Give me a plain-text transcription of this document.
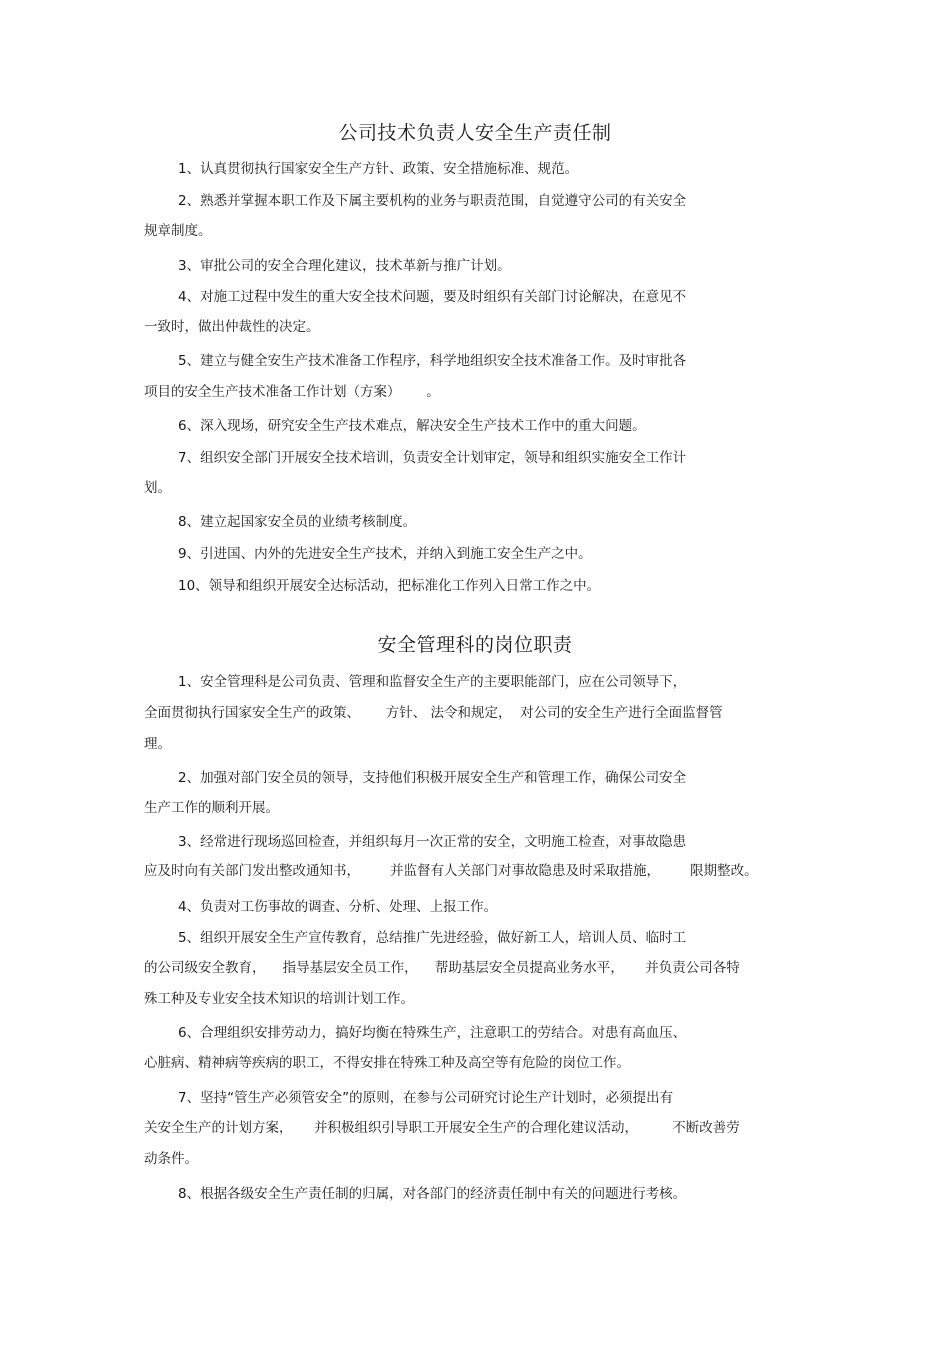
公司技术负责人安全生产责任制

1、认真贯彻执行国家安全生产方针、政策、安全措施标准、规范。

2、熟悉并掌握本职工作及下属主要机构的业务与职责范围，自觉遵守公司的有关安全

规章制度。

3、审批公司的安全合理化建议，技术革新与推广计划。

4、对施工过程中发生的重大安全技术问题，要及时组织有关部门讨论解决，在意见不

一致时，做出仲裁性的决定。

5、建立与健全安生产技术准备工作程序，科学地组织安全技术准备工作。及时审批各

项目的安全生产技术准备工作计划（方案）      。

6、深入现场，研究安全生产技术难点，解决安全生产技术工作中的重大问题。

7、组织安全部门开展安全技术培训，负责安全计划审定，领导和组织实施安全工作计

划。

8、建立起国家安全员的业绩考核制度。

9、引进国、内外的先进安全生产技术，并纳入到施工安全生产之中。

10、领导和组织开展安全达标活动，把标准化工作列入日常工作之中。

安全管理科的岗位职责

1、安全管理科是公司负责、管理和监督安全生产的主要职能部门，应在公司领导下，

全面贯彻执行国家安全生产的政策、      方针、 法令和规定，  对公司的安全生产进行全面监督管

理。

2、加强对部门安全员的领导，支持他们积极开展安全生产和管理工作，确保公司安全

生产工作的顺利开展。

3、经常进行现场巡回检查，并组织每月一次正常的安全，文明施工检查，对事故隐患

应及时向有关部门发出整改通知书，       并监督有人关部门对事故隐患及时采取措施，       限期整改。

4、负责对工伤事故的调查、分析、处理、上报工作。

5、组织开展安全生产宣传教育，总结推广先进经验，做好新工人，培训人员、临时工

的公司级安全教育，    指导基层安全员工作，    帮助基层安全员提高业务水平，     并负责公司各特

殊工种及专业安全技术知识的培训计划工作。

6、合理组织安排劳动力，搞好均衡在特殊生产，注意职工的劳结合。对患有高血压、

心脏病、精神病等疾病的职工，不得安排在特殊工种及高空等有危险的岗位工作。

7、坚持“管生产必须管安全”的原则，在参与公司研究讨论生产计划时，必须提出有

关安全生产的计划方案，     并积极组织引导职工开展安全生产的合理化建议活动，        不断改善劳

动条件。

8、根据各级安全生产责任制的归属，对各部门的经济责任制中有关的问题进行考核。
